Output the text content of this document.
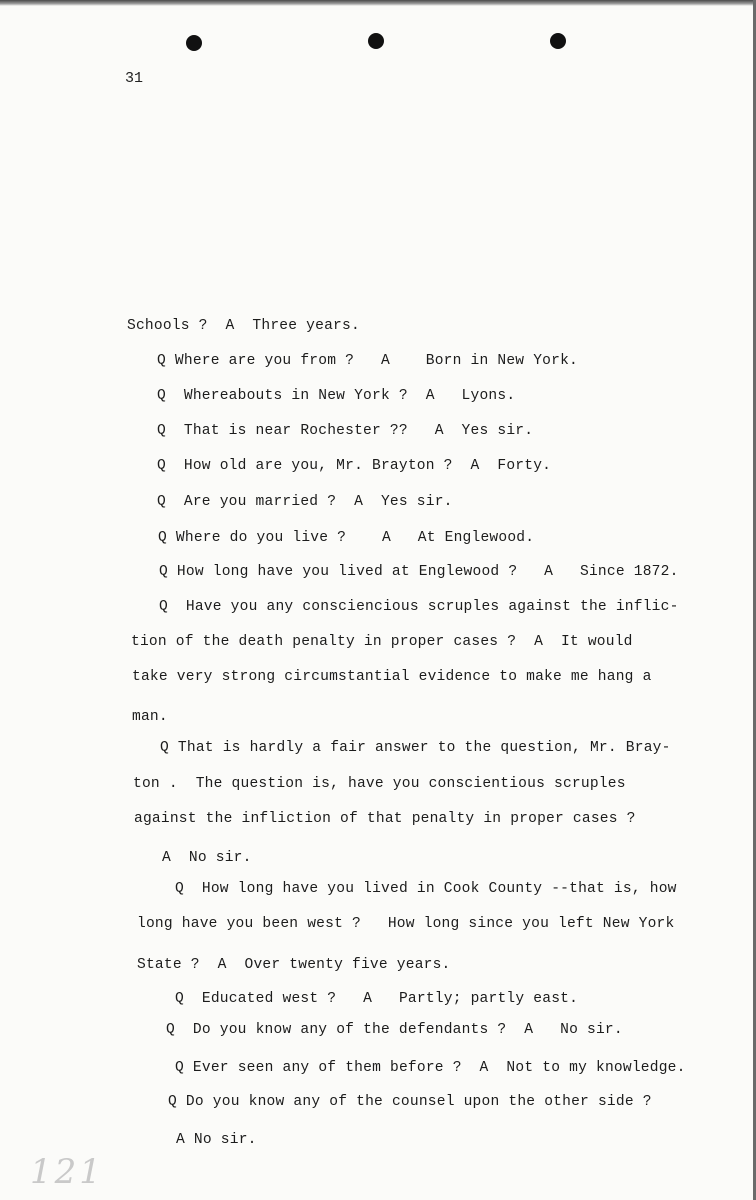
31
Schools ?  A  Three years.
Q Where are you from ?   A    Born in New York.
Q  Whereabouts in New York ?  A   Lyons.
Q  That is near Rochester ??   A  Yes sir.
Q  How old are you, Mr. Brayton ?  A  Forty.
Q  Are you married ?  A  Yes sir.
Q Where do you live ?    A   At Englewood.
Q How long have you lived at Englewood ?   A   Since 1872.
Q  Have you any consciencious scruples against the inflic-
tion of the death penalty in proper cases ?  A  It would
take very strong circumstantial evidence to make me hang a
man.
Q That is hardly a fair answer to the question, Mr. Bray-
ton .  The question is, have you conscientious scruples
against the infliction of that penalty in proper cases ?
A  No sir.
Q  How long have you lived in Cook County --that is, how
long have you been west ?   How long since you left New York
State ?  A  Over twenty five years.
Q  Educated west ?   A   Partly; partly east.
Q  Do you know any of the defendants ?  A   No sir.
Q Ever seen any of them before ?  A  Not to my knowledge.
Q Do you know any of the counsel upon the other side ?
A No sir.
121
